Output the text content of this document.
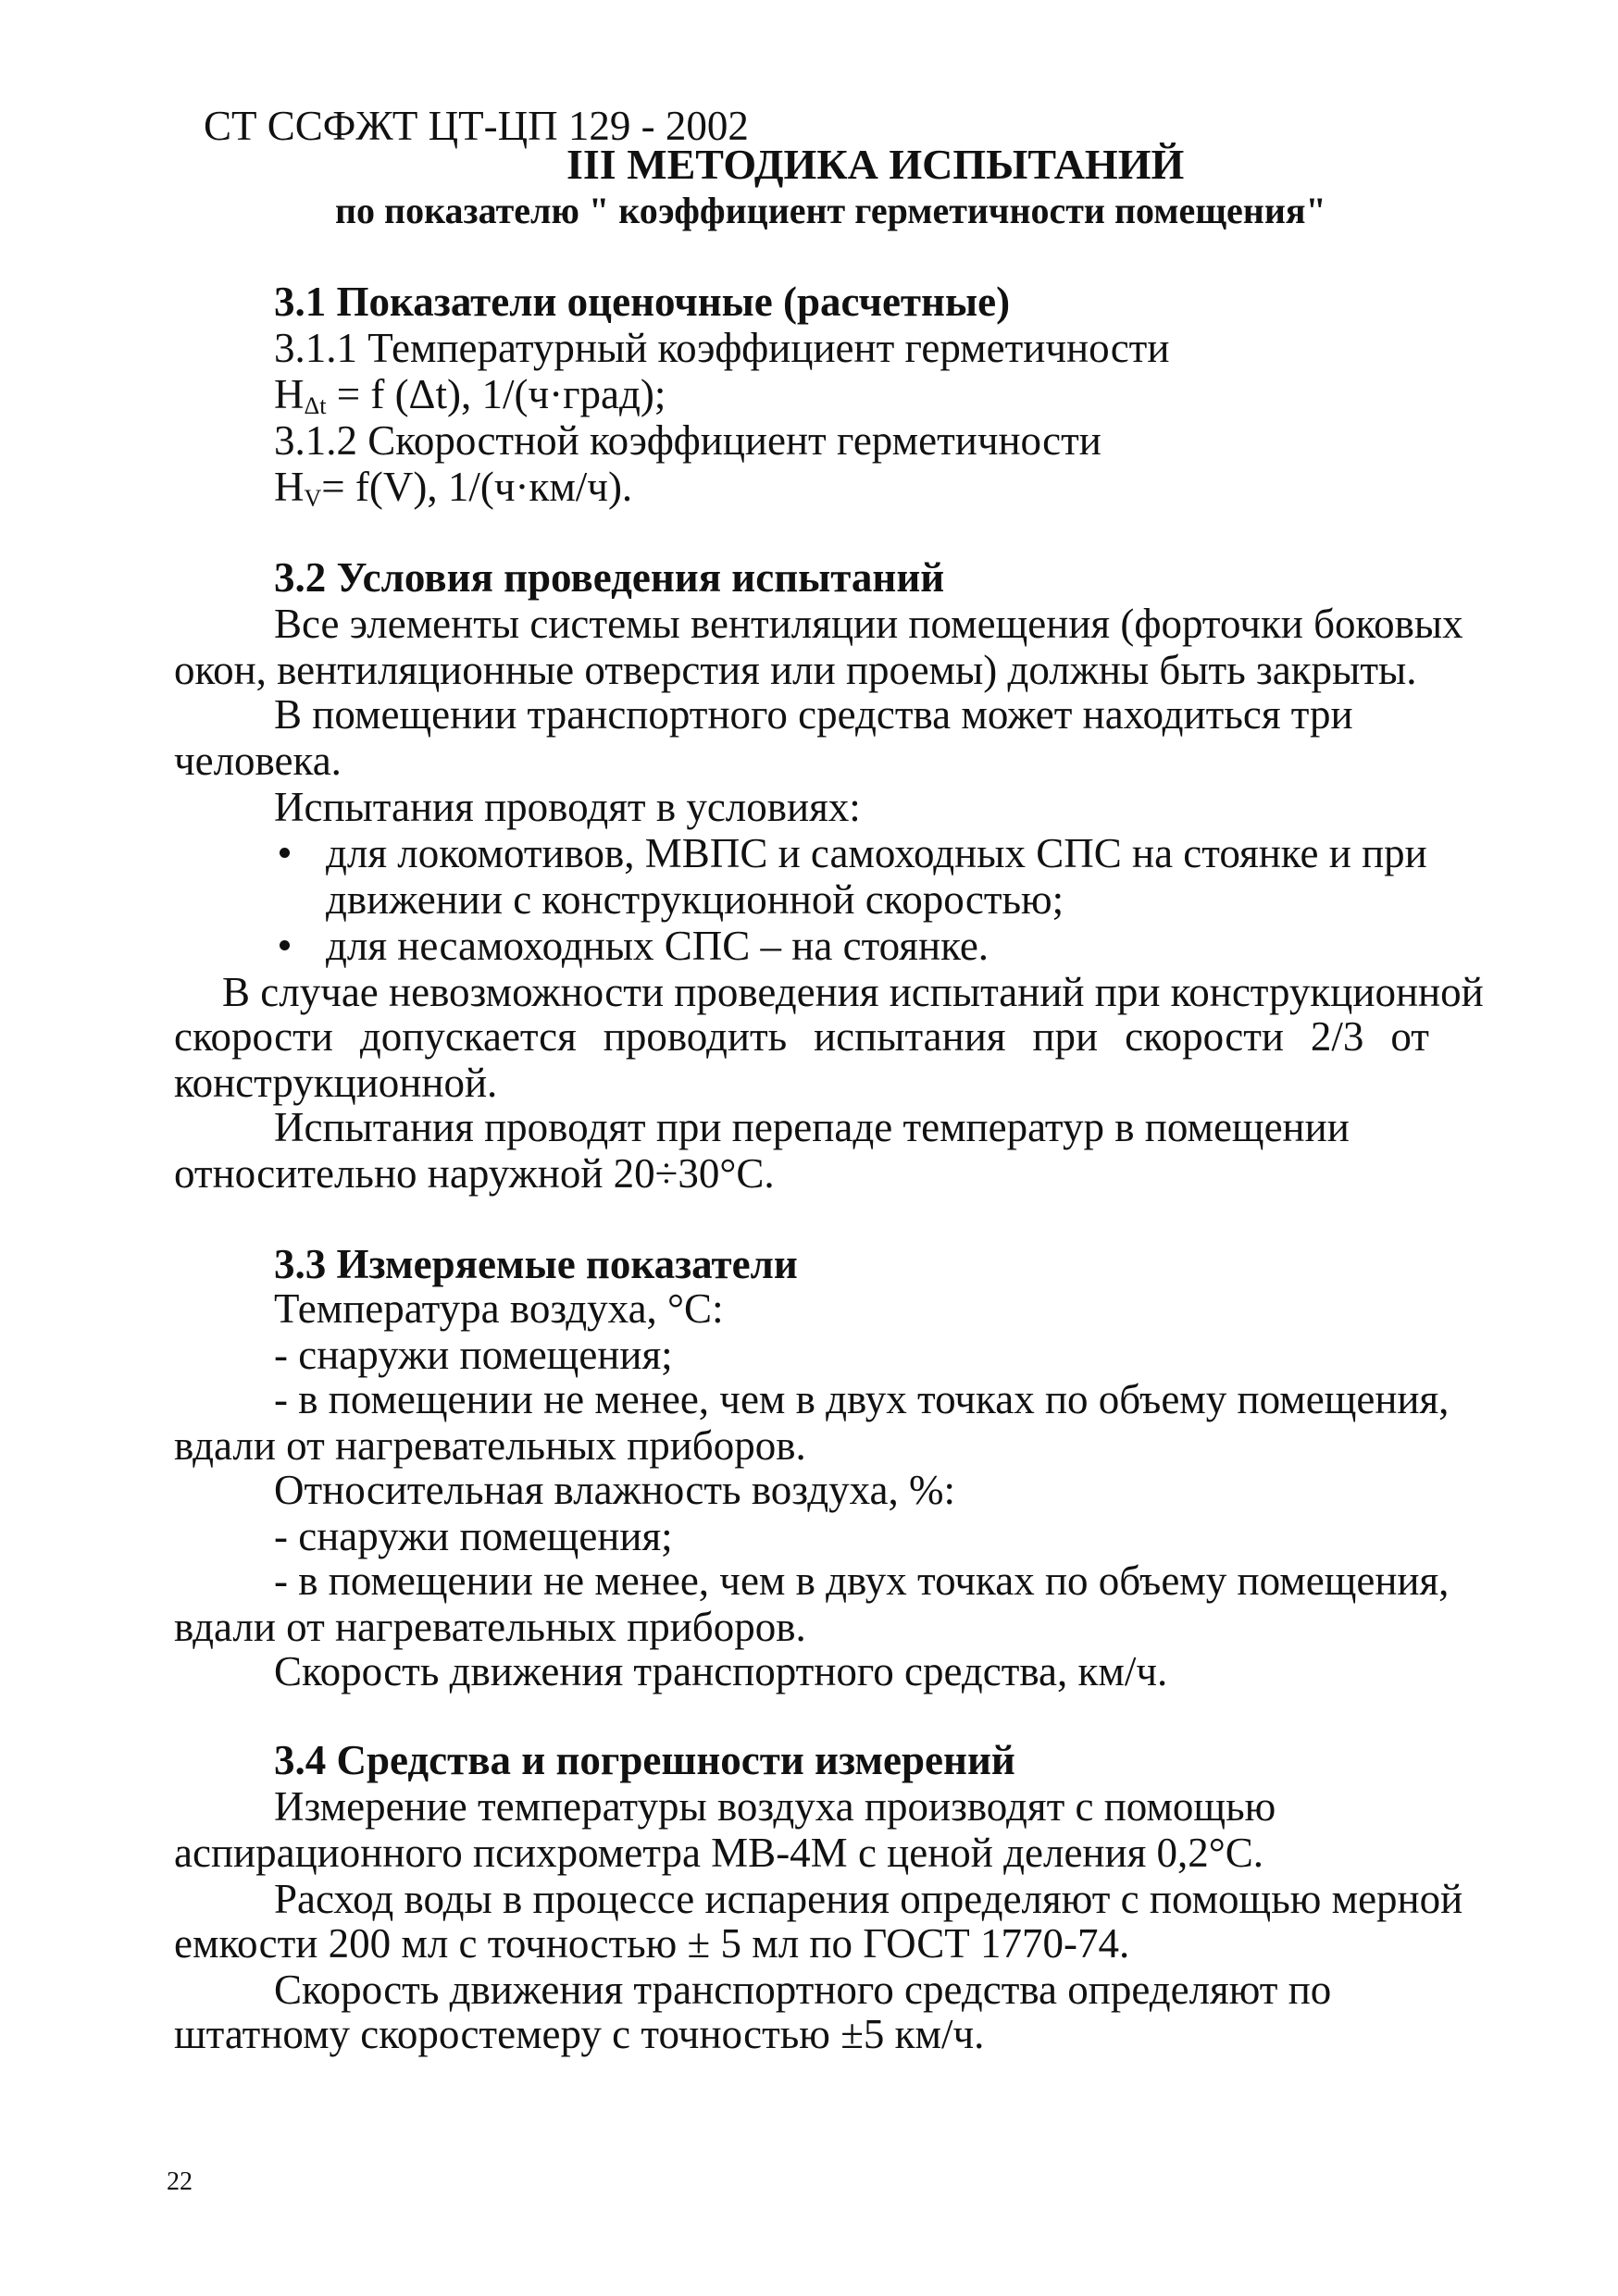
СТ ССФЖТ ЦТ-ЦП 129 - 2002
III МЕТОДИКА ИСПЫТАНИЙ
по показателю " коэффициент герметичности помещения"
3.1 Показатели оценочные (расчетные)
3.1.1 Температурный коэффициент герметичности
$H_{\Delta t} = f$ (Δt), 1/(ч·град);
3.1.2 Скоростной коэффициент герметичности
$H_V= f(V)$, 1/(ч·км/ч).
3.2 Условия проведения испытаний
Все элементы системы вентиляции помещения (форточки боковых
окон, вентиляционные отверстия или проемы) должны быть закрыты.
В помещении транспортного средства может находиться три
человека.
Испытания проводят в условиях:
для локомотивов, МВПС и самоходных СПС на стоянке и при
движении с конструкционной скоростью;
для несамоходных СПС – на стоянке.
В случае невозможности проведения испытаний при конструкционной
скорости допускается проводить испытания при скорости 2/3 от
конструкционной.
Испытания проводят при перепаде температур в помещении
относительно наружной 20÷30°С.
3.3 Измеряемые показатели
Температура воздуха, °С:
- снаружи помещения;
- в помещении не менее, чем в двух точках по объему помещения,
вдали от нагревательных приборов.
Относительная влажность воздуха, %:
- снаружи помещения;
- в помещении не менее, чем в двух точках по объему помещения,
вдали от нагревательных приборов.
Скорость движения транспортного средства, км/ч.
3.4 Средства и погрешности измерений
Измерение температуры воздуха производят с помощью
аспирационного психрометра МВ-4М с ценой деления 0,2°С.
Расход воды в процессе испарения определяют с помощью мерной
емкости 200 мл с точностью ± 5 мл по ГОСТ 1770-74.
Скорость движения транспортного средства определяют по
штатному скоростемеру с точностью ±5 км/ч.
22
